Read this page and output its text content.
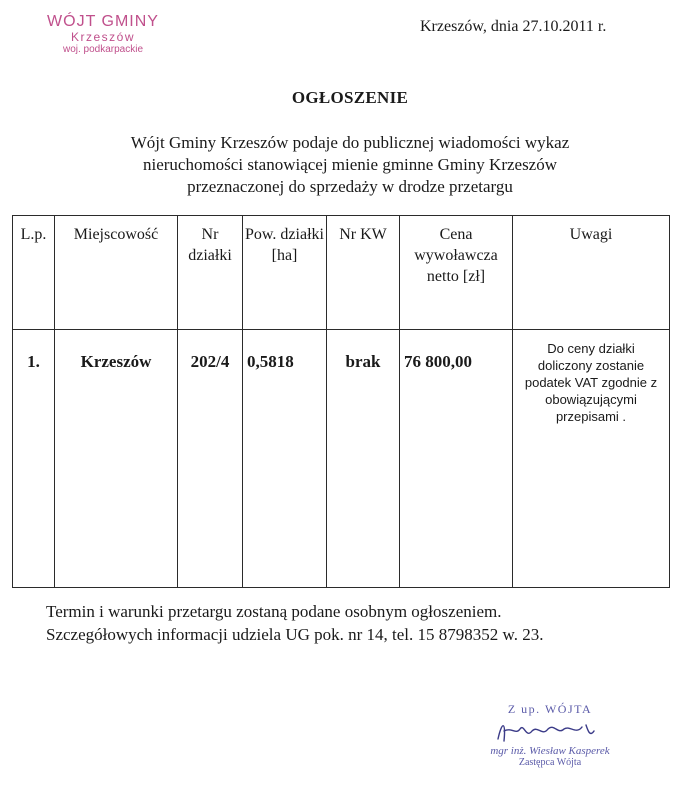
WÓJT GMINY
Krzeszów
woj. podkarpackie
Krzeszów, dnia 27.10.2011 r.
OGŁOSZENIE
Wójt Gminy Krzeszów podaje do publicznej wiadomości wykaz
nieruchomości stanowiącej mienie gminne Gminy Krzeszów
przeznaczonej do sprzedaży w drodze przetargu
L.p.	Miejscowość	Nr działki	Pow. działki [ha]	Nr KW	Cena wywoławcza netto [zł]	Uwagi
1.	Krzeszów	202/4	0,5818	brak	76 800,00	Do ceny działki doliczony zostanie podatek VAT zgodnie z obowiązującymi przepisami .
Termin i warunki przetargu zostaną podane osobnym ogłoszeniem.
Szczegółowych informacji udziela UG pok. nr 14, tel. 15 8798352 w. 23.
Z up. WÓJTA
mgr inż. Wiesław Kasperek
Zastępca Wójta
